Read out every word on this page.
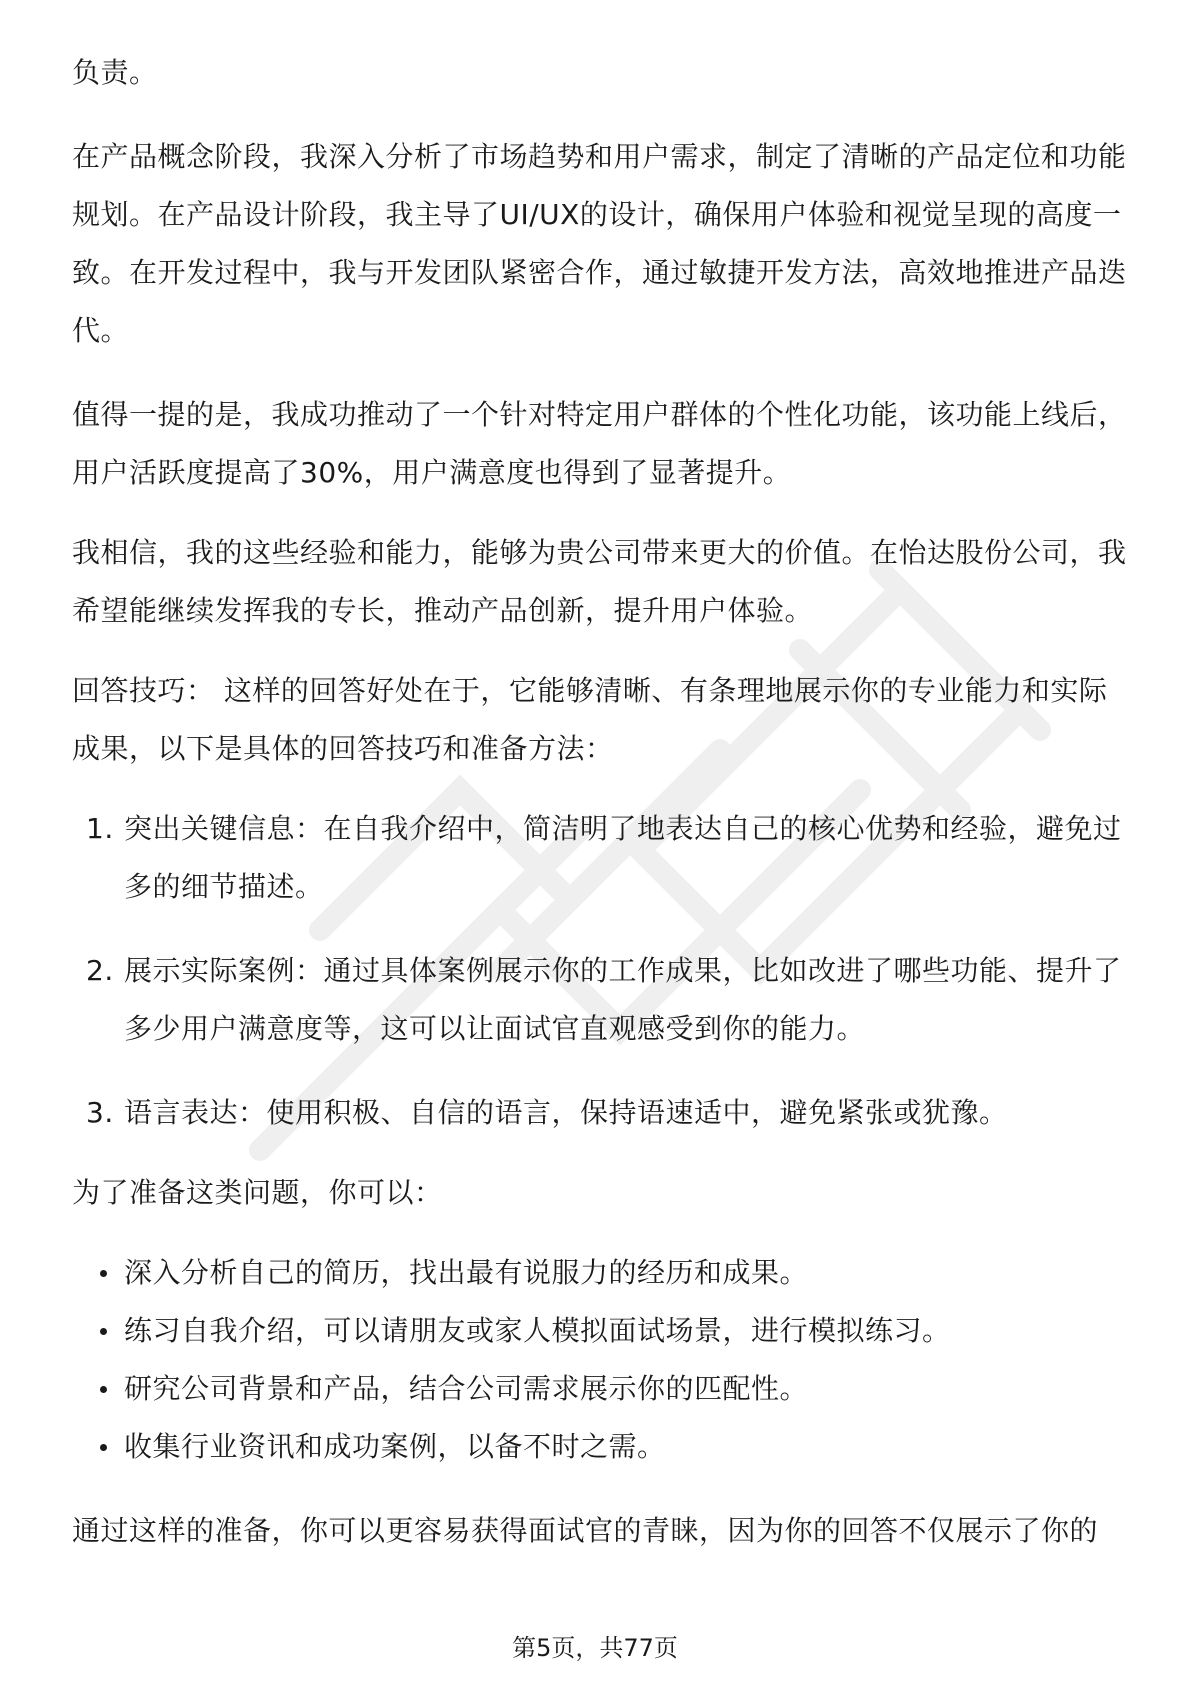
负责。

在产品概念阶段，我深入分析了市场趋势和用户需求，制定了清晰的产品定位和功能规划。在产品设计阶段，我主导了UI/UX的设计，确保用户体验和视觉呈现的高度一致。在开发过程中，我与开发团队紧密合作，通过敏捷开发方法，高效地推进产品迭代。

值得一提的是，我成功推动了一个针对特定用户群体的个性化功能，该功能上线后，用户活跃度提高了30%，用户满意度也得到了显著提升。

我相信，我的这些经验和能力，能够为贵公司带来更大的价值。在怡达股份公司，我希望能继续发挥我的专长，推动产品创新，提升用户体验。

回答技巧： 这样的回答好处在于，它能够清晰、有条理地展示你的专业能力和实际成果，以下是具体的回答技巧和准备方法：

1. 突出关键信息：在自我介绍中，简洁明了地表达自己的核心优势和经验，避免过多的细节描述。
2. 展示实际案例：通过具体案例展示你的工作成果，比如改进了哪些功能、提升了多少用户满意度等，这可以让面试官直观感受到你的能力。
3. 语言表达：使用积极、自信的语言，保持语速适中，避免紧张或犹豫。

为了准备这类问题，你可以：

深入分析自己的简历，找出最有说服力的经历和成果。
练习自我介绍，可以请朋友或家人模拟面试场景，进行模拟练习。
研究公司背景和产品，结合公司需求展示你的匹配性。
收集行业资讯和成功案例，以备不时之需。

通过这样的准备，你可以更容易获得面试官的青睐，因为你的回答不仅展示了你的

第5页，共77页
